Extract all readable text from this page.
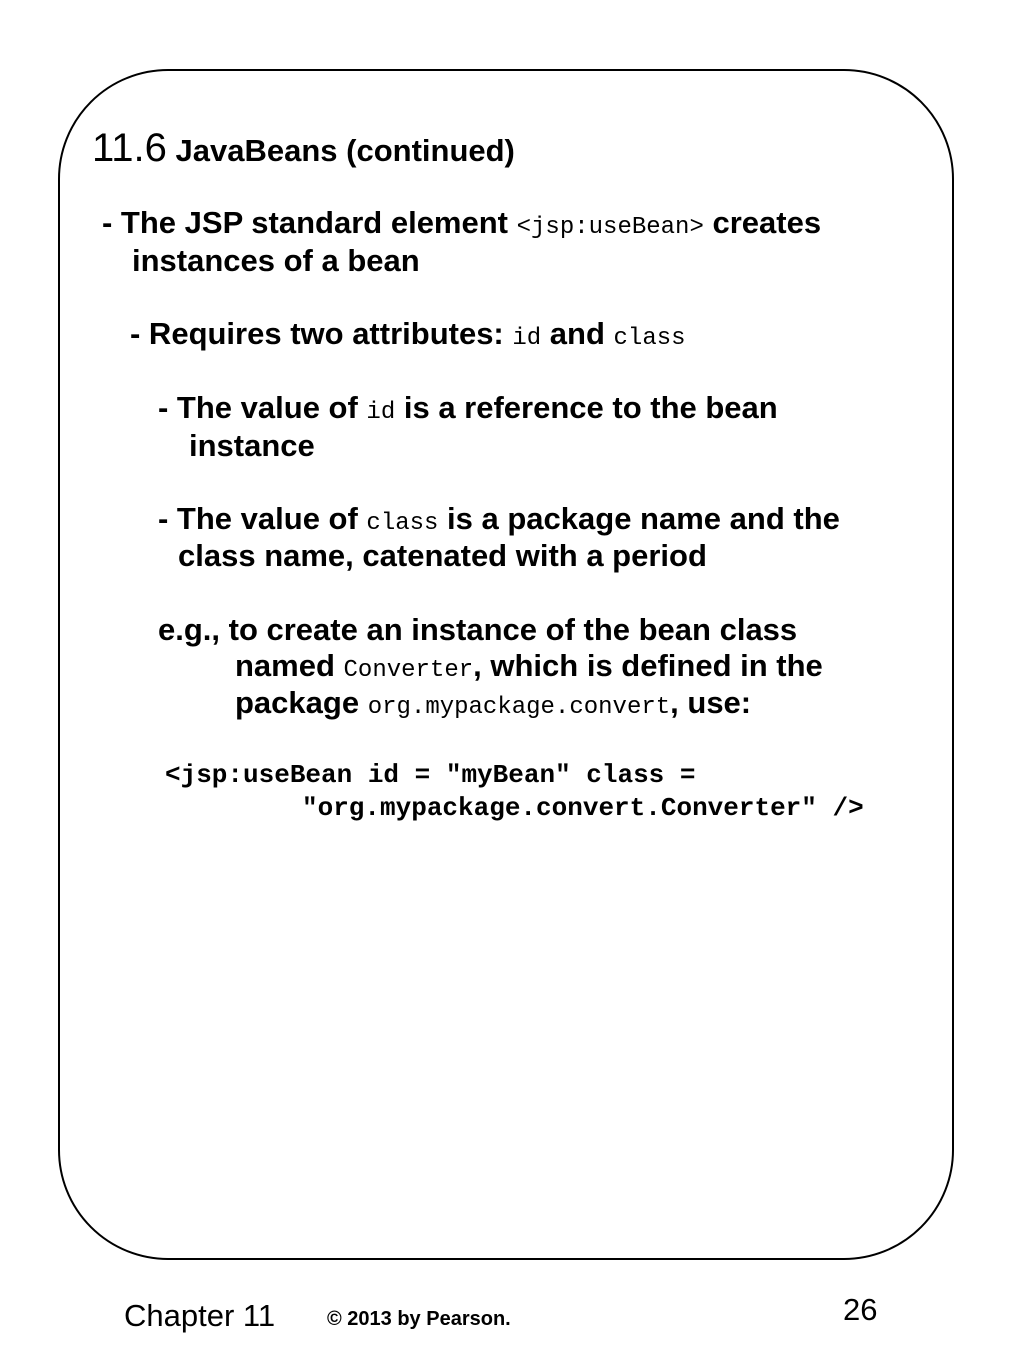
11.6 JavaBeans (continued)
- The JSP standard element <jsp:useBean> creates
instances of a bean
- Requires two attributes: id and class
- The value of id is a reference to the bean
instance
- The value of class is a package name and the
class name, catenated with a period
e.g., to create an instance of the bean class
named Converter, which is defined in the
package org.mypackage.convert, use:
<jsp:useBean id = ″myBean″ class =
″org.mypackage.convert.Converter″ />
Chapter 11	© 2013 by Pearson.	26
